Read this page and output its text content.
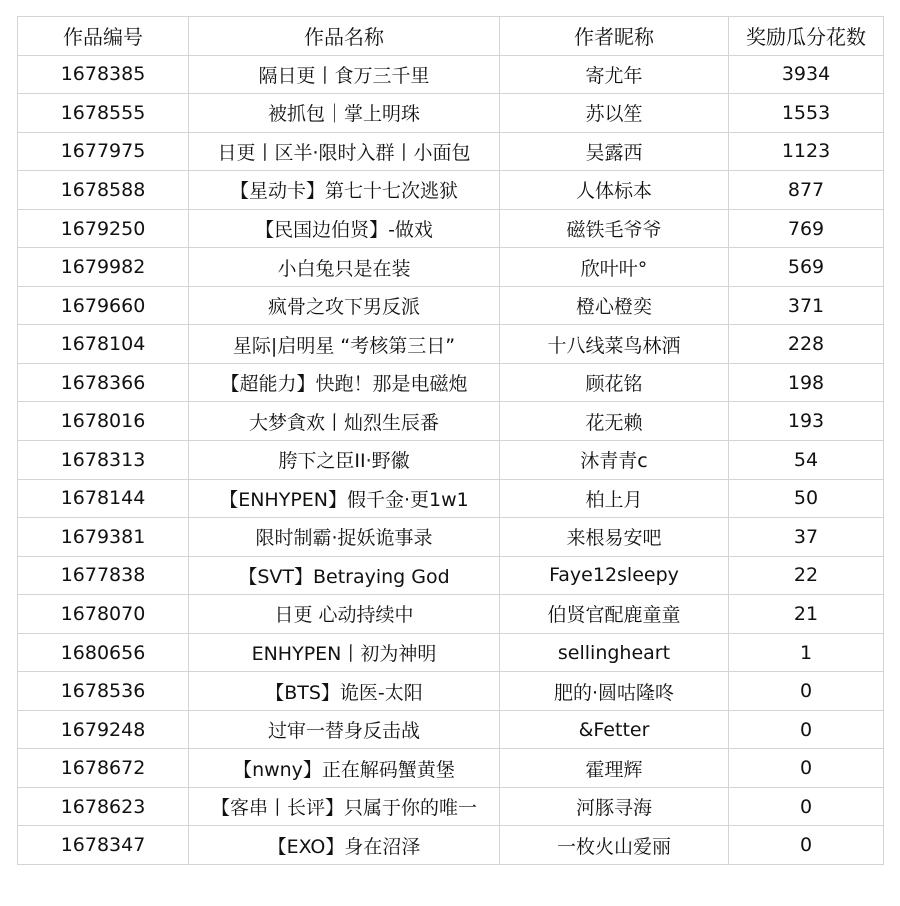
作品编号	作品名称	作者昵称	奖励瓜分花数
1678385	隔日更丨食万三千里	寄尤年	3934
1678555	被抓包｜掌上明珠	苏以笙	1553
1677975	日更丨区半·限时入群丨小面包	吴露西	1123
1678588	【星动卡】第七十七次逃狱	人体标本	877
1679250	【民国边伯贤】-做戏	磁铁毛爷爷	769
1679982	小白兔只是在装	欣叶叶°	569
1679660	疯骨之攻下男反派	橙心橙奕	371
1678104	星际|启明星 “考核第三日”	十八线菜鸟林洒	228
1678366	【超能力】快跑！那是电磁炮	顾花铭	198
1678016	大梦貪欢丨灿烈生辰番	花无赖	193
1678313	胯下之臣II·野徽	沐青青c	54
1678144	【ENHYPEN】假千金·更1w1	柏上月	50
1679381	限时制霸·捉妖诡事录	来根易安吧	37
1677838	【SVT】Betraying God	Faye12sleepy	22
1678070	日更 心动持续中	伯贤官配鹿童童	21
1680656	ENHYPEN丨初为神明	sellingheart	1
1678536	【BTS】诡医-太阳	肥的·圆咕隆咚	0
1679248	过审一替身反击战	&Fetter	0
1678672	【nwny】正在解码蟹黄堡	霍理辉	0
1678623	【客串丨长评】只属于你的唯一	河豚寻海	0
1678347	【EXO】身在沼泽	一枚火山爱丽	0
